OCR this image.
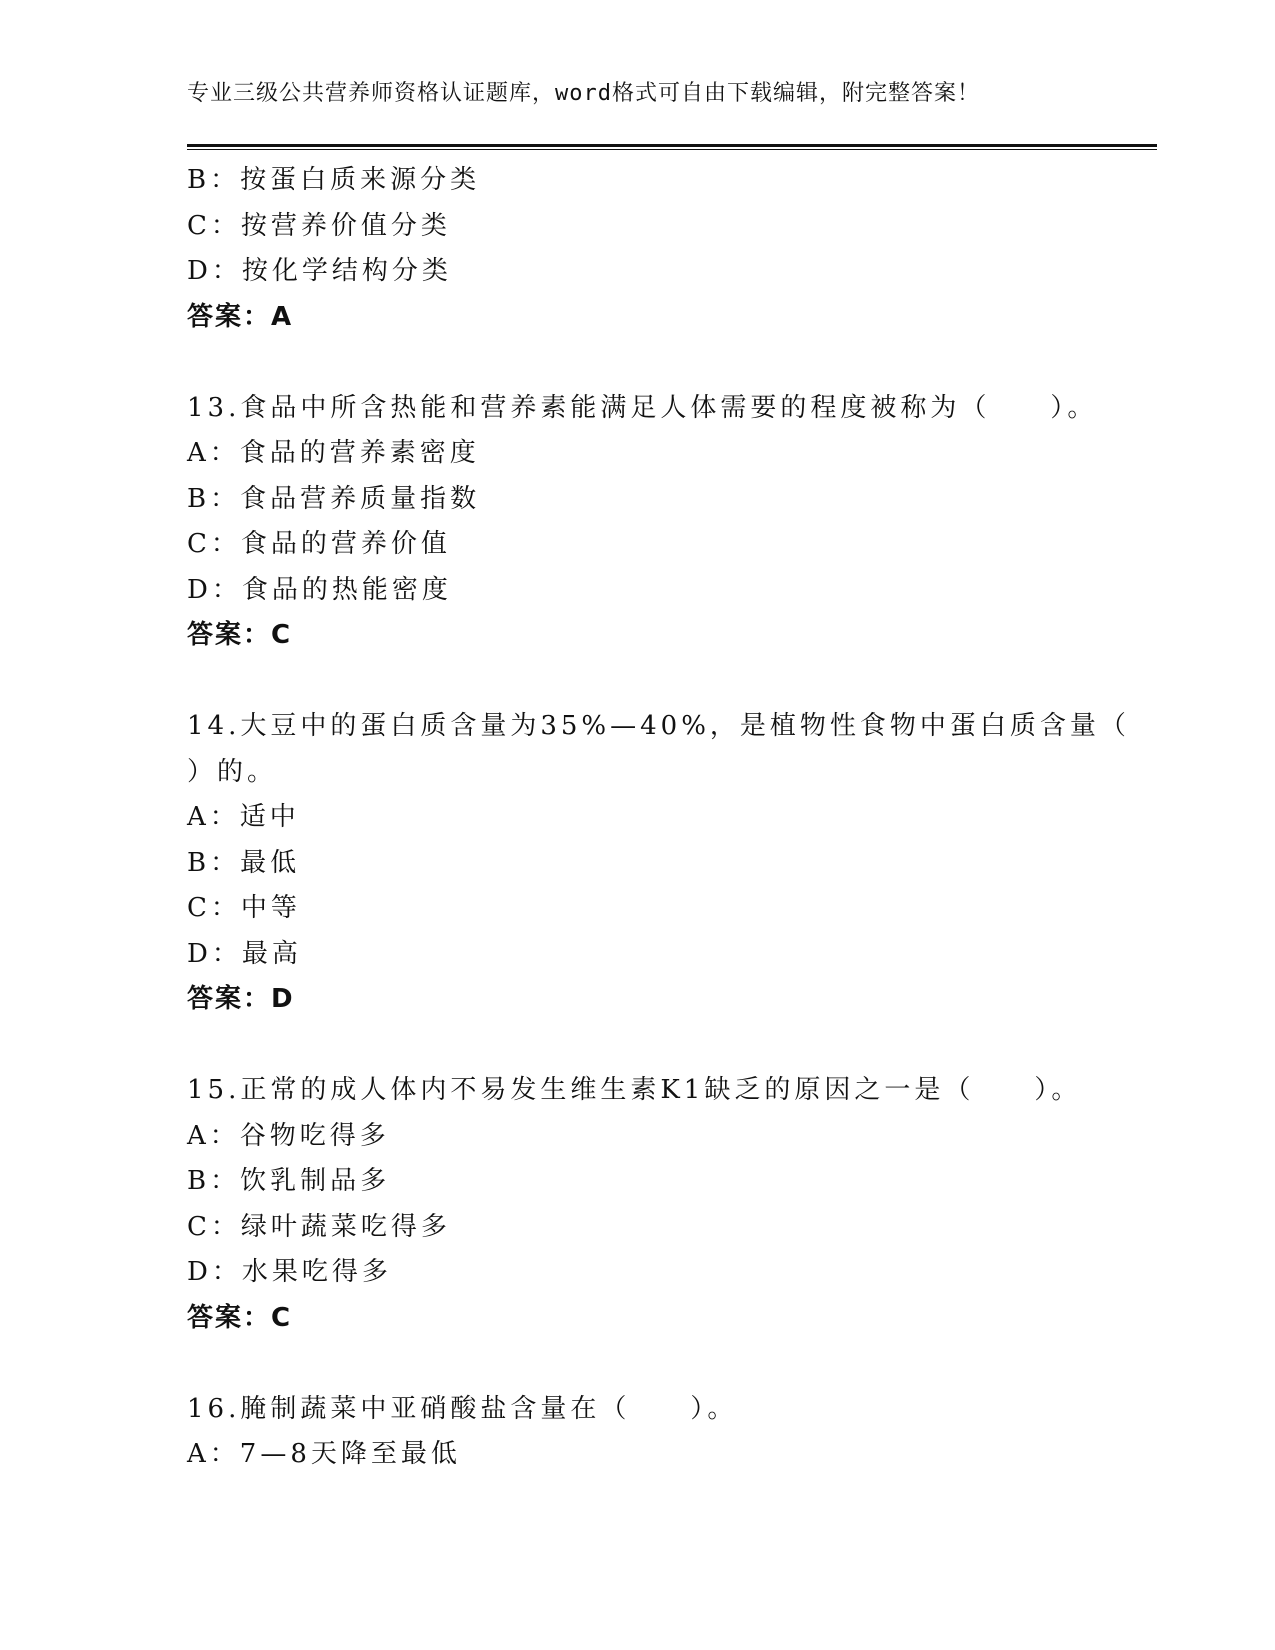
专业三级公共营养师资格认证题库，word格式可自由下载编辑，附完整答案！
B：按蛋白质来源分类
C：按营养价值分类
D：按化学结构分类
答案：A
13.食品中所含热能和营养素能满足人体需要的程度被称为（　　）。
A：食品的营养素密度
B：食品营养质量指数
C：食品的营养价值
D：食品的热能密度
答案：C
14.大豆中的蛋白质含量为35%—40%，是植物性食物中蛋白质含量（
）的。
A：适中
B：最低
C：中等
D：最高
答案：D
15.正常的成人体内不易发生维生素K1缺乏的原因之一是（　　）。
A：谷物吃得多
B：饮乳制品多
C：绿叶蔬菜吃得多
D：水果吃得多
答案：C
16.腌制蔬菜中亚硝酸盐含量在（　　）。
A：7—8天降至最低
